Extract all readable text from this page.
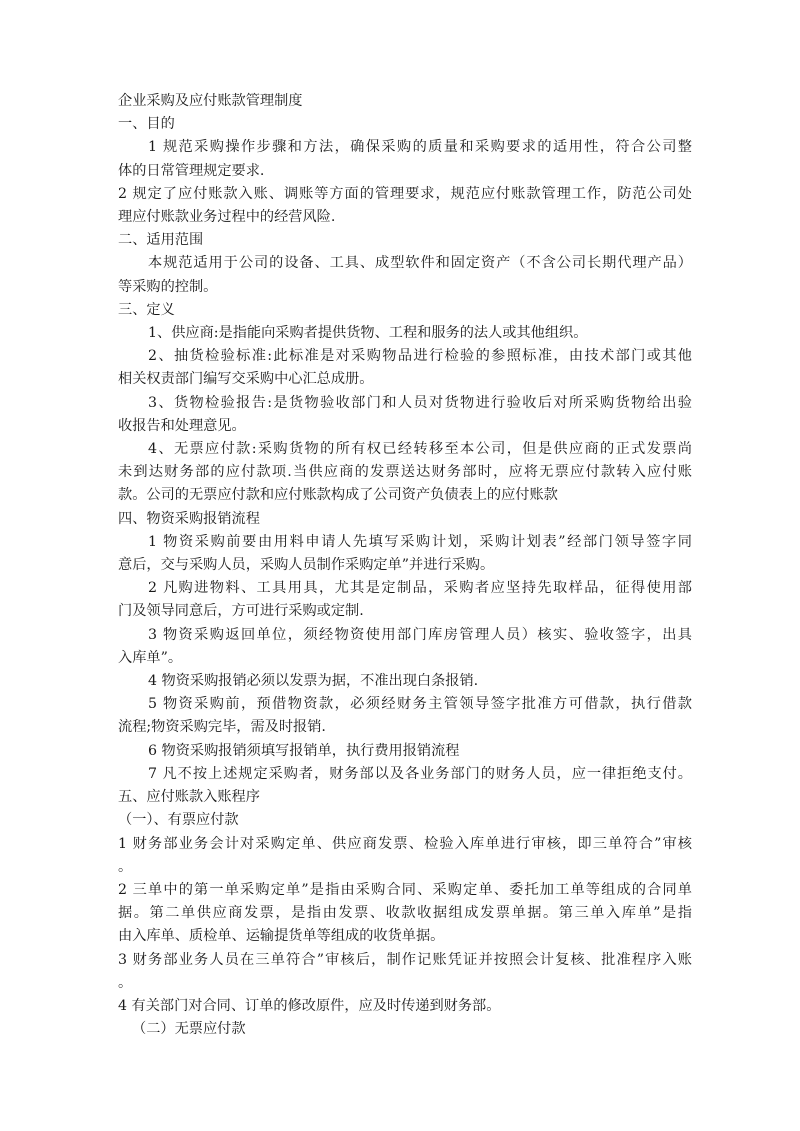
企业采购及应付账款管理制度

一、目的

1 规范采购操作步骤和方法，确保采购的质量和采购要求的适用性，符合公司整

体的日常管理规定要求.

2 规定了应付账款入账、调账等方面的管理要求，规范应付账款管理工作，防范公司处

理应付账款业务过程中的经营风险.

二、适用范围

本规范适用于公司的设备、工具、成型软件和固定资产（不含公司长期代理产品）

等采购的控制。

三、定义

1、供应商:是指能向采购者提供货物、工程和服务的法人或其他组织。

2、抽货检验标准:此标准是对采购物品进行检验的参照标准，由技术部门或其他

相关权责部门编写交采购中心汇总成册。

3、货物检验报告:是货物验收部门和人员对货物进行验收后对所采购货物给出验

收报告和处理意见。

4、无票应付款:采购货物的所有权已经转移至本公司，但是供应商的正式发票尚

未到达财务部的应付款项.当供应商的发票送达财务部时，应将无票应付款转入应付账

款。公司的无票应付款和应付账款构成了公司资产负债表上的应付账款

四、物资采购报销流程

1 物资采购前要由用料申请人先填写采购计划，采购计划表”经部门领导签字同

意后，交与采购人员，采购人员制作采购定单”并进行采购。

2 凡购进物料、工具用具，尤其是定制品，采购者应坚持先取样品，征得使用部

门及领导同意后，方可进行采购或定制.

3 物资采购返回单位，须经物资使用部门库房管理人员）核实、验收签字，出具

入库单”。

4 物资采购报销必须以发票为据，不准出现白条报销.

5 物资采购前，预借物资款，必须经财务主管领导签字批准方可借款，执行借款

流程;物资采购完毕，需及时报销.

6 物资采购报销须填写报销单，执行费用报销流程

7 凡不按上述规定采购者，财务部以及各业务部门的财务人员，应一律拒绝支付。

五、应付账款入账程序

（一）、有票应付款

1 财务部业务会计对采购定单、供应商发票、检验入库单进行审核，即三单符合”审核

。

2 三单中的第一单采购定单”是指由采购合同、采购定单、委托加工单等组成的合同单

据。第二单供应商发票，是指由发票、收款收据组成发票单据。第三单入库单”是指

由入库单、质检单、运输提货单等组成的收货单据。

3 财务部业务人员在三单符合”审核后，制作记账凭证并按照会计复核、批准程序入账

。

4 有关部门对合同、订单的修改原件，应及时传递到财务部。

（二）无票应付款
